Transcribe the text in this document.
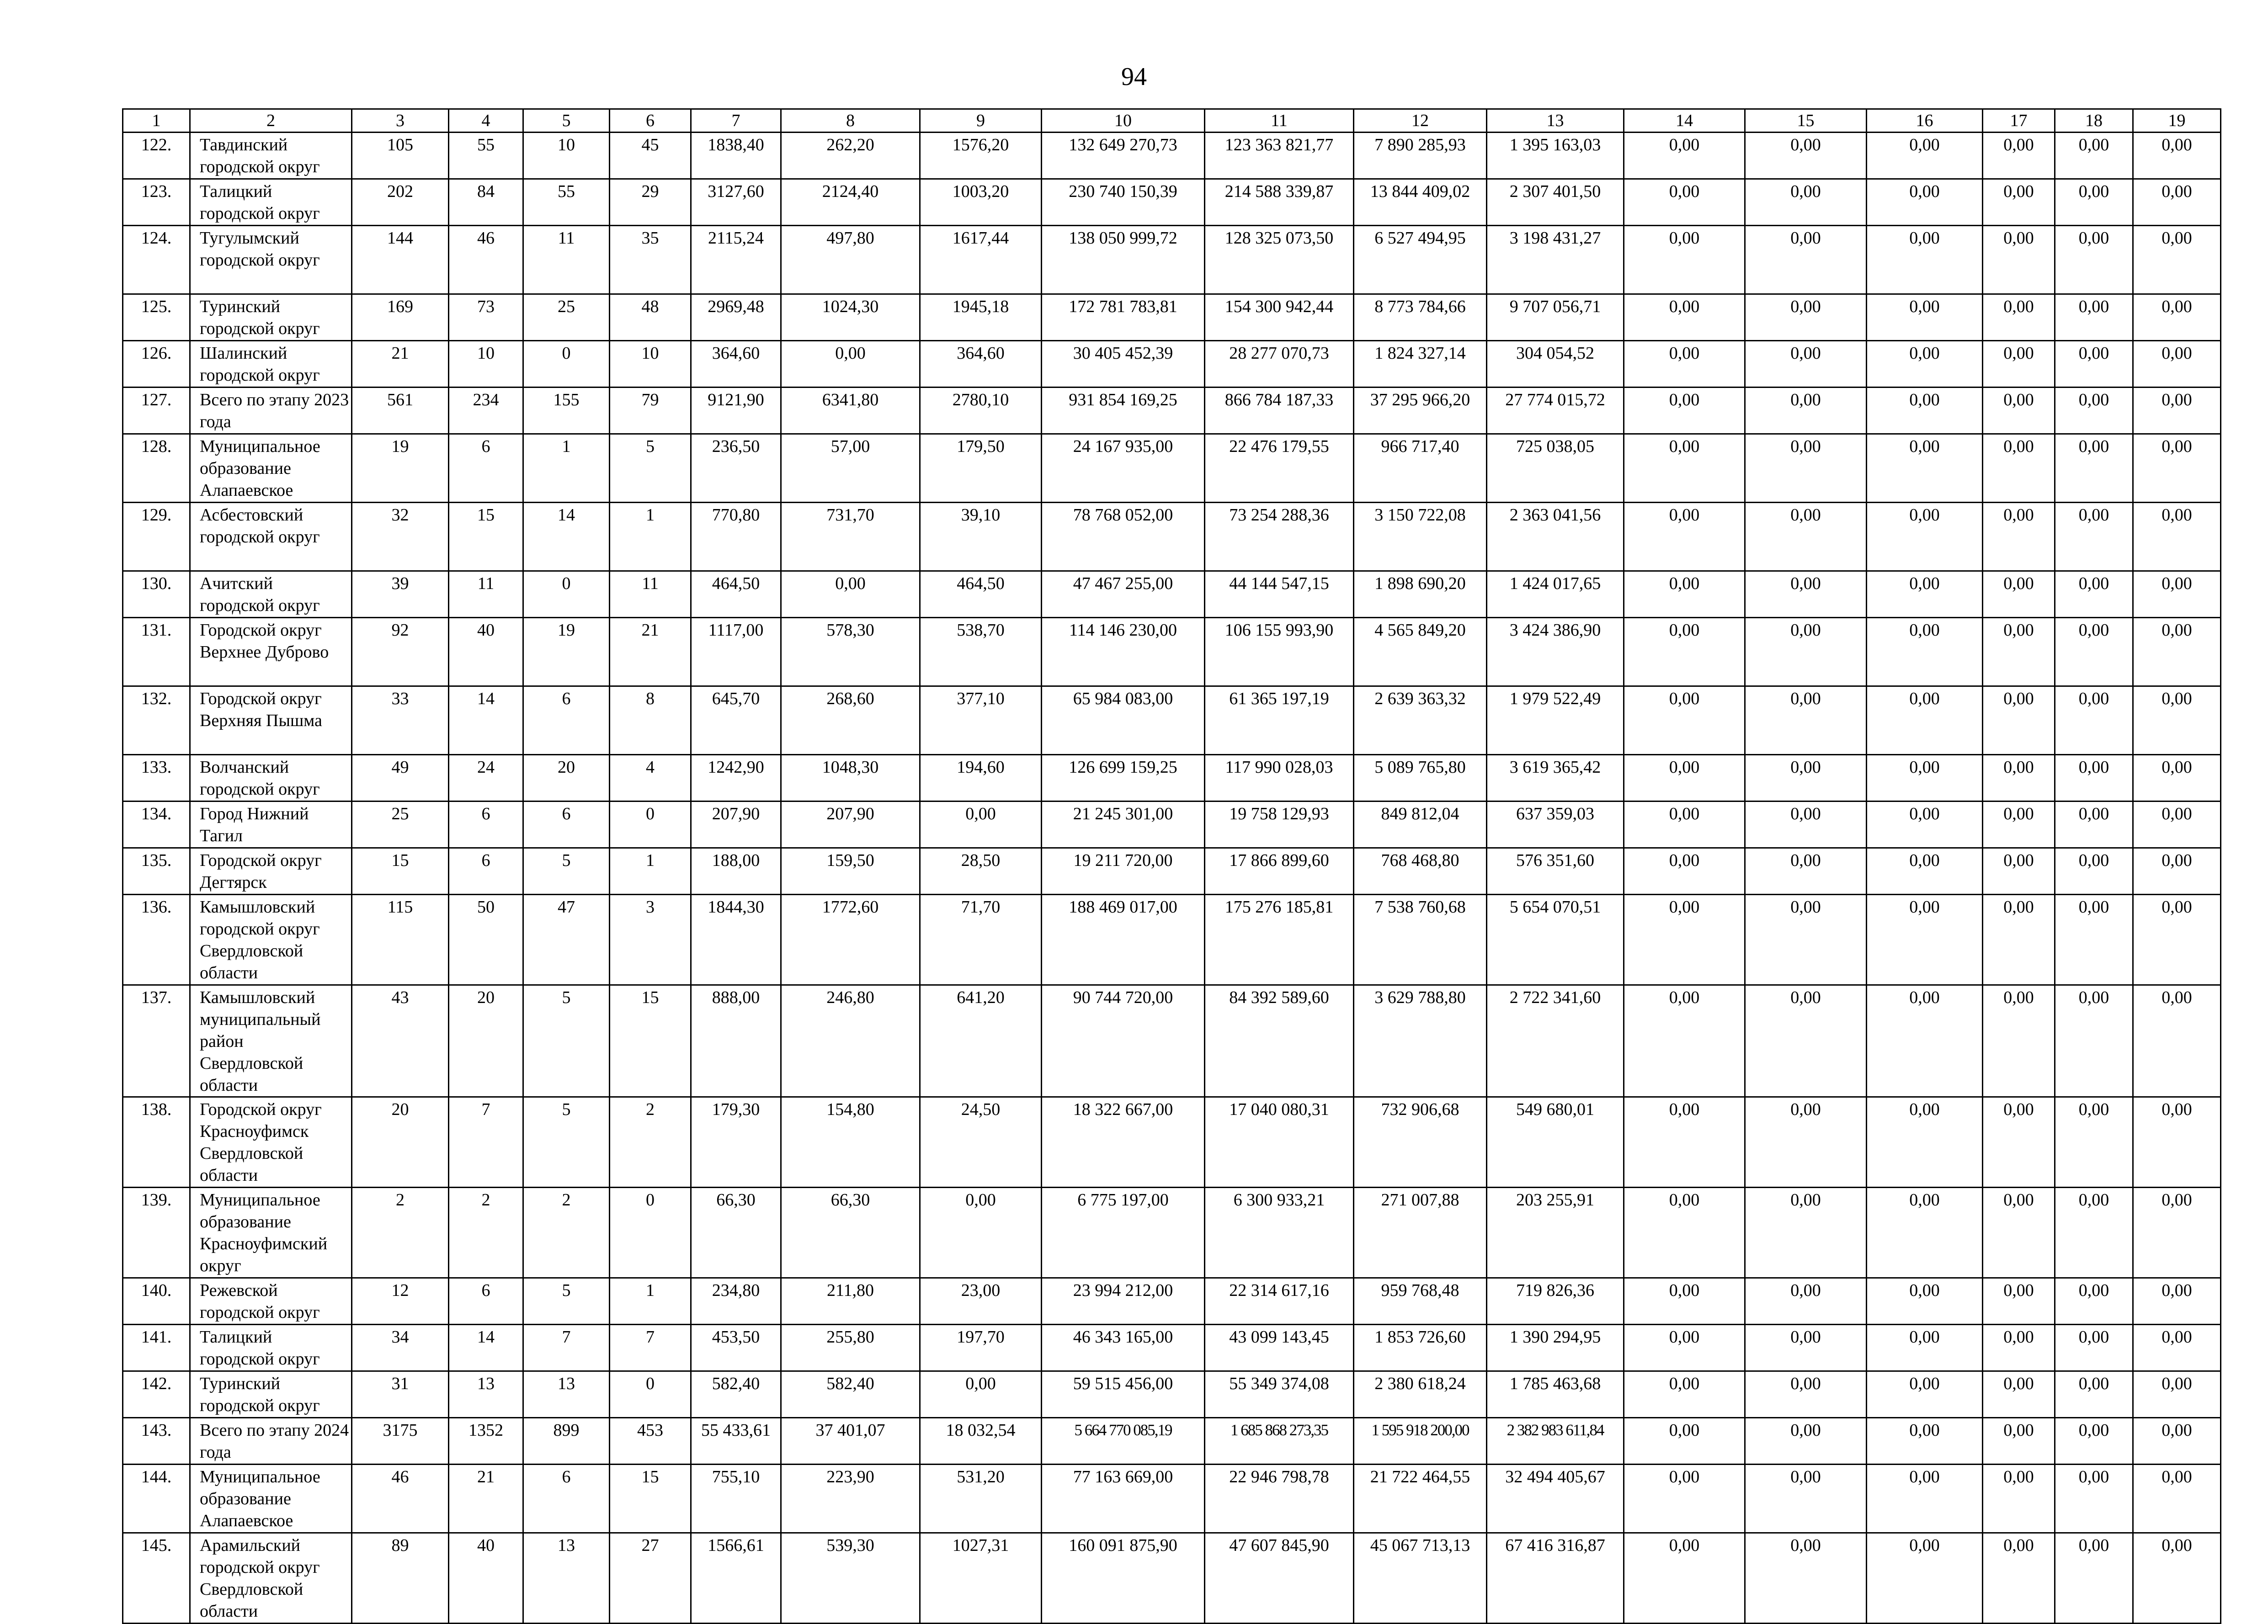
94
1	2	3	4	5	6	7	8	9	10	11	12	13	14	15	16	17	18	19
122.	Тавдинский городской округ	105	55	10	45	1838,40	262,20	1576,20	132 649 270,73	123 363 821,77	7 890 285,93	1 395 163,03	0,00	0,00	0,00	0,00	0,00	0,00
123.	Талицкий городской округ	202	84	55	29	3127,60	2124,40	1003,20	230 740 150,39	214 588 339,87	13 844 409,02	2 307 401,50	0,00	0,00	0,00	0,00	0,00	0,00
124.	Тугулымский городской округ	144	46	11	35	2115,24	497,80	1617,44	138 050 999,72	128 325 073,50	6 527 494,95	3 198 431,27	0,00	0,00	0,00	0,00	0,00	0,00
125.	Туринский городской округ	169	73	25	48	2969,48	1024,30	1945,18	172 781 783,81	154 300 942,44	8 773 784,66	9 707 056,71	0,00	0,00	0,00	0,00	0,00	0,00
126.	Шалинский городской округ	21	10	0	10	364,60	0,00	364,60	30 405 452,39	28 277 070,73	1 824 327,14	304 054,52	0,00	0,00	0,00	0,00	0,00	0,00
127.	Всего по этапу 2023 года	561	234	155	79	9121,90	6341,80	2780,10	931 854 169,25	866 784 187,33	37 295 966,20	27 774 015,72	0,00	0,00	0,00	0,00	0,00	0,00
128.	Муниципальное образование Алапаевское	19	6	1	5	236,50	57,00	179,50	24 167 935,00	22 476 179,55	966 717,40	725 038,05	0,00	0,00	0,00	0,00	0,00	0,00
129.	Асбестовский городской округ	32	15	14	1	770,80	731,70	39,10	78 768 052,00	73 254 288,36	3 150 722,08	2 363 041,56	0,00	0,00	0,00	0,00	0,00	0,00
130.	Ачитский городской округ	39	11	0	11	464,50	0,00	464,50	47 467 255,00	44 144 547,15	1 898 690,20	1 424 017,65	0,00	0,00	0,00	0,00	0,00	0,00
131.	Городской округ Верхнее Дуброво	92	40	19	21	1117,00	578,30	538,70	114 146 230,00	106 155 993,90	4 565 849,20	3 424 386,90	0,00	0,00	0,00	0,00	0,00	0,00
132.	Городской округ Верхняя Пышма	33	14	6	8	645,70	268,60	377,10	65 984 083,00	61 365 197,19	2 639 363,32	1 979 522,49	0,00	0,00	0,00	0,00	0,00	0,00
133.	Волчанский городской округ	49	24	20	4	1242,90	1048,30	194,60	126 699 159,25	117 990 028,03	5 089 765,80	3 619 365,42	0,00	0,00	0,00	0,00	0,00	0,00
134.	Город Нижний Тагил	25	6	6	0	207,90	207,90	0,00	21 245 301,00	19 758 129,93	849 812,04	637 359,03	0,00	0,00	0,00	0,00	0,00	0,00
135.	Городской округ Дегтярск	15	6	5	1	188,00	159,50	28,50	19 211 720,00	17 866 899,60	768 468,80	576 351,60	0,00	0,00	0,00	0,00	0,00	0,00
136.	Камышловский городской округ Свердловской области	115	50	47	3	1844,30	1772,60	71,70	188 469 017,00	175 276 185,81	7 538 760,68	5 654 070,51	0,00	0,00	0,00	0,00	0,00	0,00
137.	Камышловский муниципальный район Свердловской области	43	20	5	15	888,00	246,80	641,20	90 744 720,00	84 392 589,60	3 629 788,80	2 722 341,60	0,00	0,00	0,00	0,00	0,00	0,00
138.	Городской округ Красноуфимск Свердловской области	20	7	5	2	179,30	154,80	24,50	18 322 667,00	17 040 080,31	732 906,68	549 680,01	0,00	0,00	0,00	0,00	0,00	0,00
139.	Муниципальное образование Красноуфимский округ	2	2	2	0	66,30	66,30	0,00	6 775 197,00	6 300 933,21	271 007,88	203 255,91	0,00	0,00	0,00	0,00	0,00	0,00
140.	Режевской городской округ	12	6	5	1	234,80	211,80	23,00	23 994 212,00	22 314 617,16	959 768,48	719 826,36	0,00	0,00	0,00	0,00	0,00	0,00
141.	Талицкий городской округ	34	14	7	7	453,50	255,80	197,70	46 343 165,00	43 099 143,45	1 853 726,60	1 390 294,95	0,00	0,00	0,00	0,00	0,00	0,00
142.	Туринский городской округ	31	13	13	0	582,40	582,40	0,00	59 515 456,00	55 349 374,08	2 380 618,24	1 785 463,68	0,00	0,00	0,00	0,00	0,00	0,00
143.	Всего по этапу 2024 года	3175	1352	899	453	55 433,61	37 401,07	18 032,54	5 664 770 085,19	1 685 868 273,35	1 595 918 200,00	2 382 983 611,84	0,00	0,00	0,00	0,00	0,00	0,00
144.	Муниципальное образование Алапаевское	46	21	6	15	755,10	223,90	531,20	77 163 669,00	22 946 798,78	21 722 464,55	32 494 405,67	0,00	0,00	0,00	0,00	0,00	0,00
145.	Арамильский городской округ Свердловской области	89	40	13	27	1566,61	539,30	1027,31	160 091 875,90	47 607 845,90	45 067 713,13	67 416 316,87	0,00	0,00	0,00	0,00	0,00	0,00
